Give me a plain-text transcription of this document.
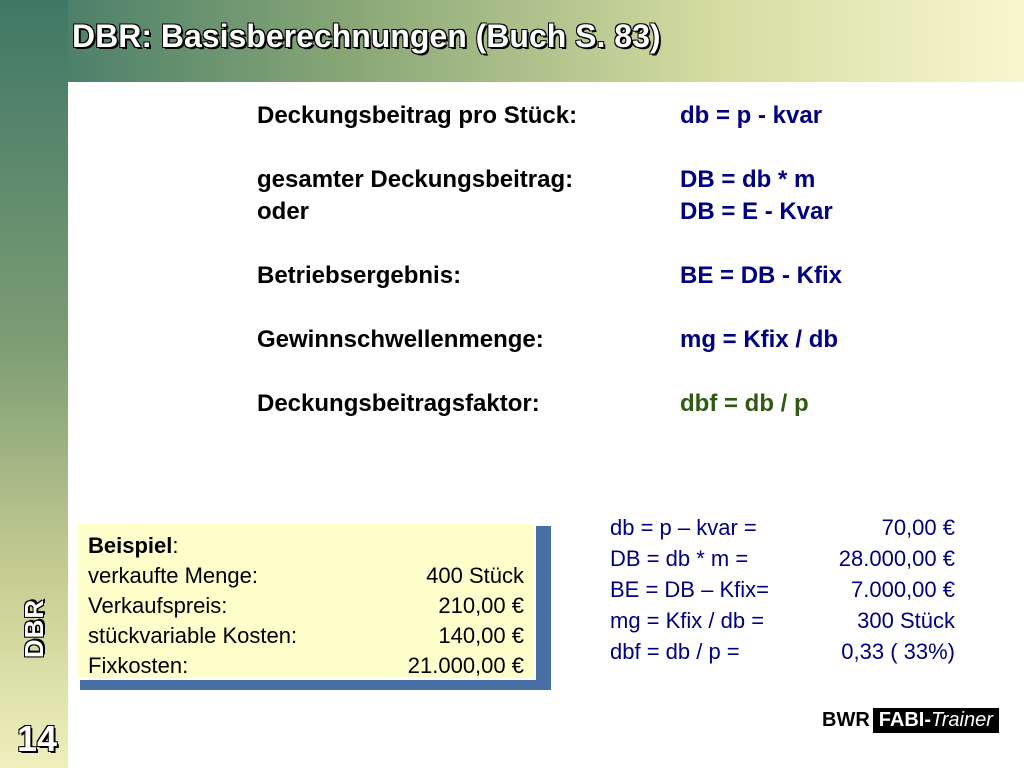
DBR: Basisberechnungen (Buch S. 83)
DBR
14
Deckungsbeitrag pro Stück:	db = p - kvar
gesamter Deckungsbeitrag:	DB = db * m
oder	DB = E - Kvar
Betriebsergebnis:	BE = DB - Kfix
Gewinnschwellenmenge:	mg = Kfix / db
Deckungsbeitragsfaktor:	dbf = db / p
Beispiel:
verkaufte Menge:	400 Stück
Verkaufspreis:	210,00 €
stückvariable Kosten:	140,00 €
Fixkosten:	21.000,00 €
db = p – kvar =	70,00 €
DB = db * m =	28.000,00 €
BE = DB – Kfix=	7.000,00 €
mg = Kfix / db =	300 Stück
dbf = db / p =	0,33 ( 33%)
BWR FABI- Trainer
